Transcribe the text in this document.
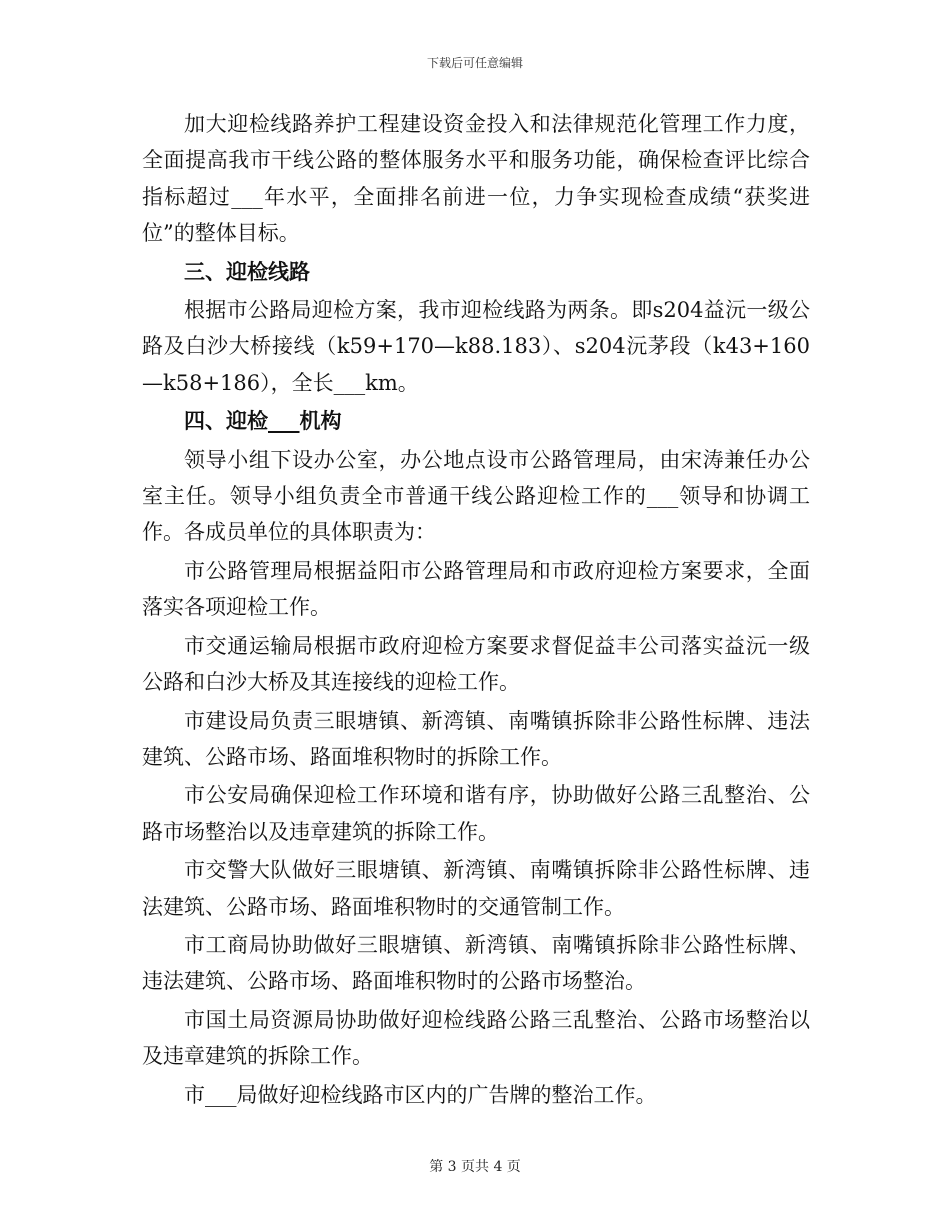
下载后可任意编辑

加大迎检线路养护工程建设资金投入和法律规范化管理工作力度，全面提高我市干线公路的整体服务水平和服务功能，确保检查评比综合指标超过___年水平，全面排名前进一位，力争实现检查成绩“获奖进位”的整体目标。

三、迎检线路

根据市公路局迎检方案，我市迎检线路为两条。即s204益沅一级公路及白沙大桥接线（k59+170—k88.183）、s204沅茅段（k43+160—k58+186），全长___km。

四、迎检___机构

领导小组下设办公室，办公地点设市公路管理局，由宋涛兼任办公室主任。领导小组负责全市普通干线公路迎检工作的___领导和协调工作。各成员单位的具体职责为：

市公路管理局根据益阳市公路管理局和市政府迎检方案要求，全面落实各项迎检工作。

市交通运输局根据市政府迎检方案要求督促益丰公司落实益沅一级公路和白沙大桥及其连接线的迎检工作。

市建设局负责三眼塘镇、新湾镇、南嘴镇拆除非公路性标牌、违法建筑、公路市场、路面堆积物时的拆除工作。

市公安局确保迎检工作环境和谐有序，协助做好公路三乱整治、公路市场整治以及违章建筑的拆除工作。

市交警大队做好三眼塘镇、新湾镇、南嘴镇拆除非公路性标牌、违法建筑、公路市场、路面堆积物时的交通管制工作。

市工商局协助做好三眼塘镇、新湾镇、南嘴镇拆除非公路性标牌、违法建筑、公路市场、路面堆积物时的公路市场整治。

市国土局资源局协助做好迎检线路公路三乱整治、公路市场整治以及违章建筑的拆除工作。

市___局做好迎检线路市区内的广告牌的整治工作。

第 3 页共 4 页
